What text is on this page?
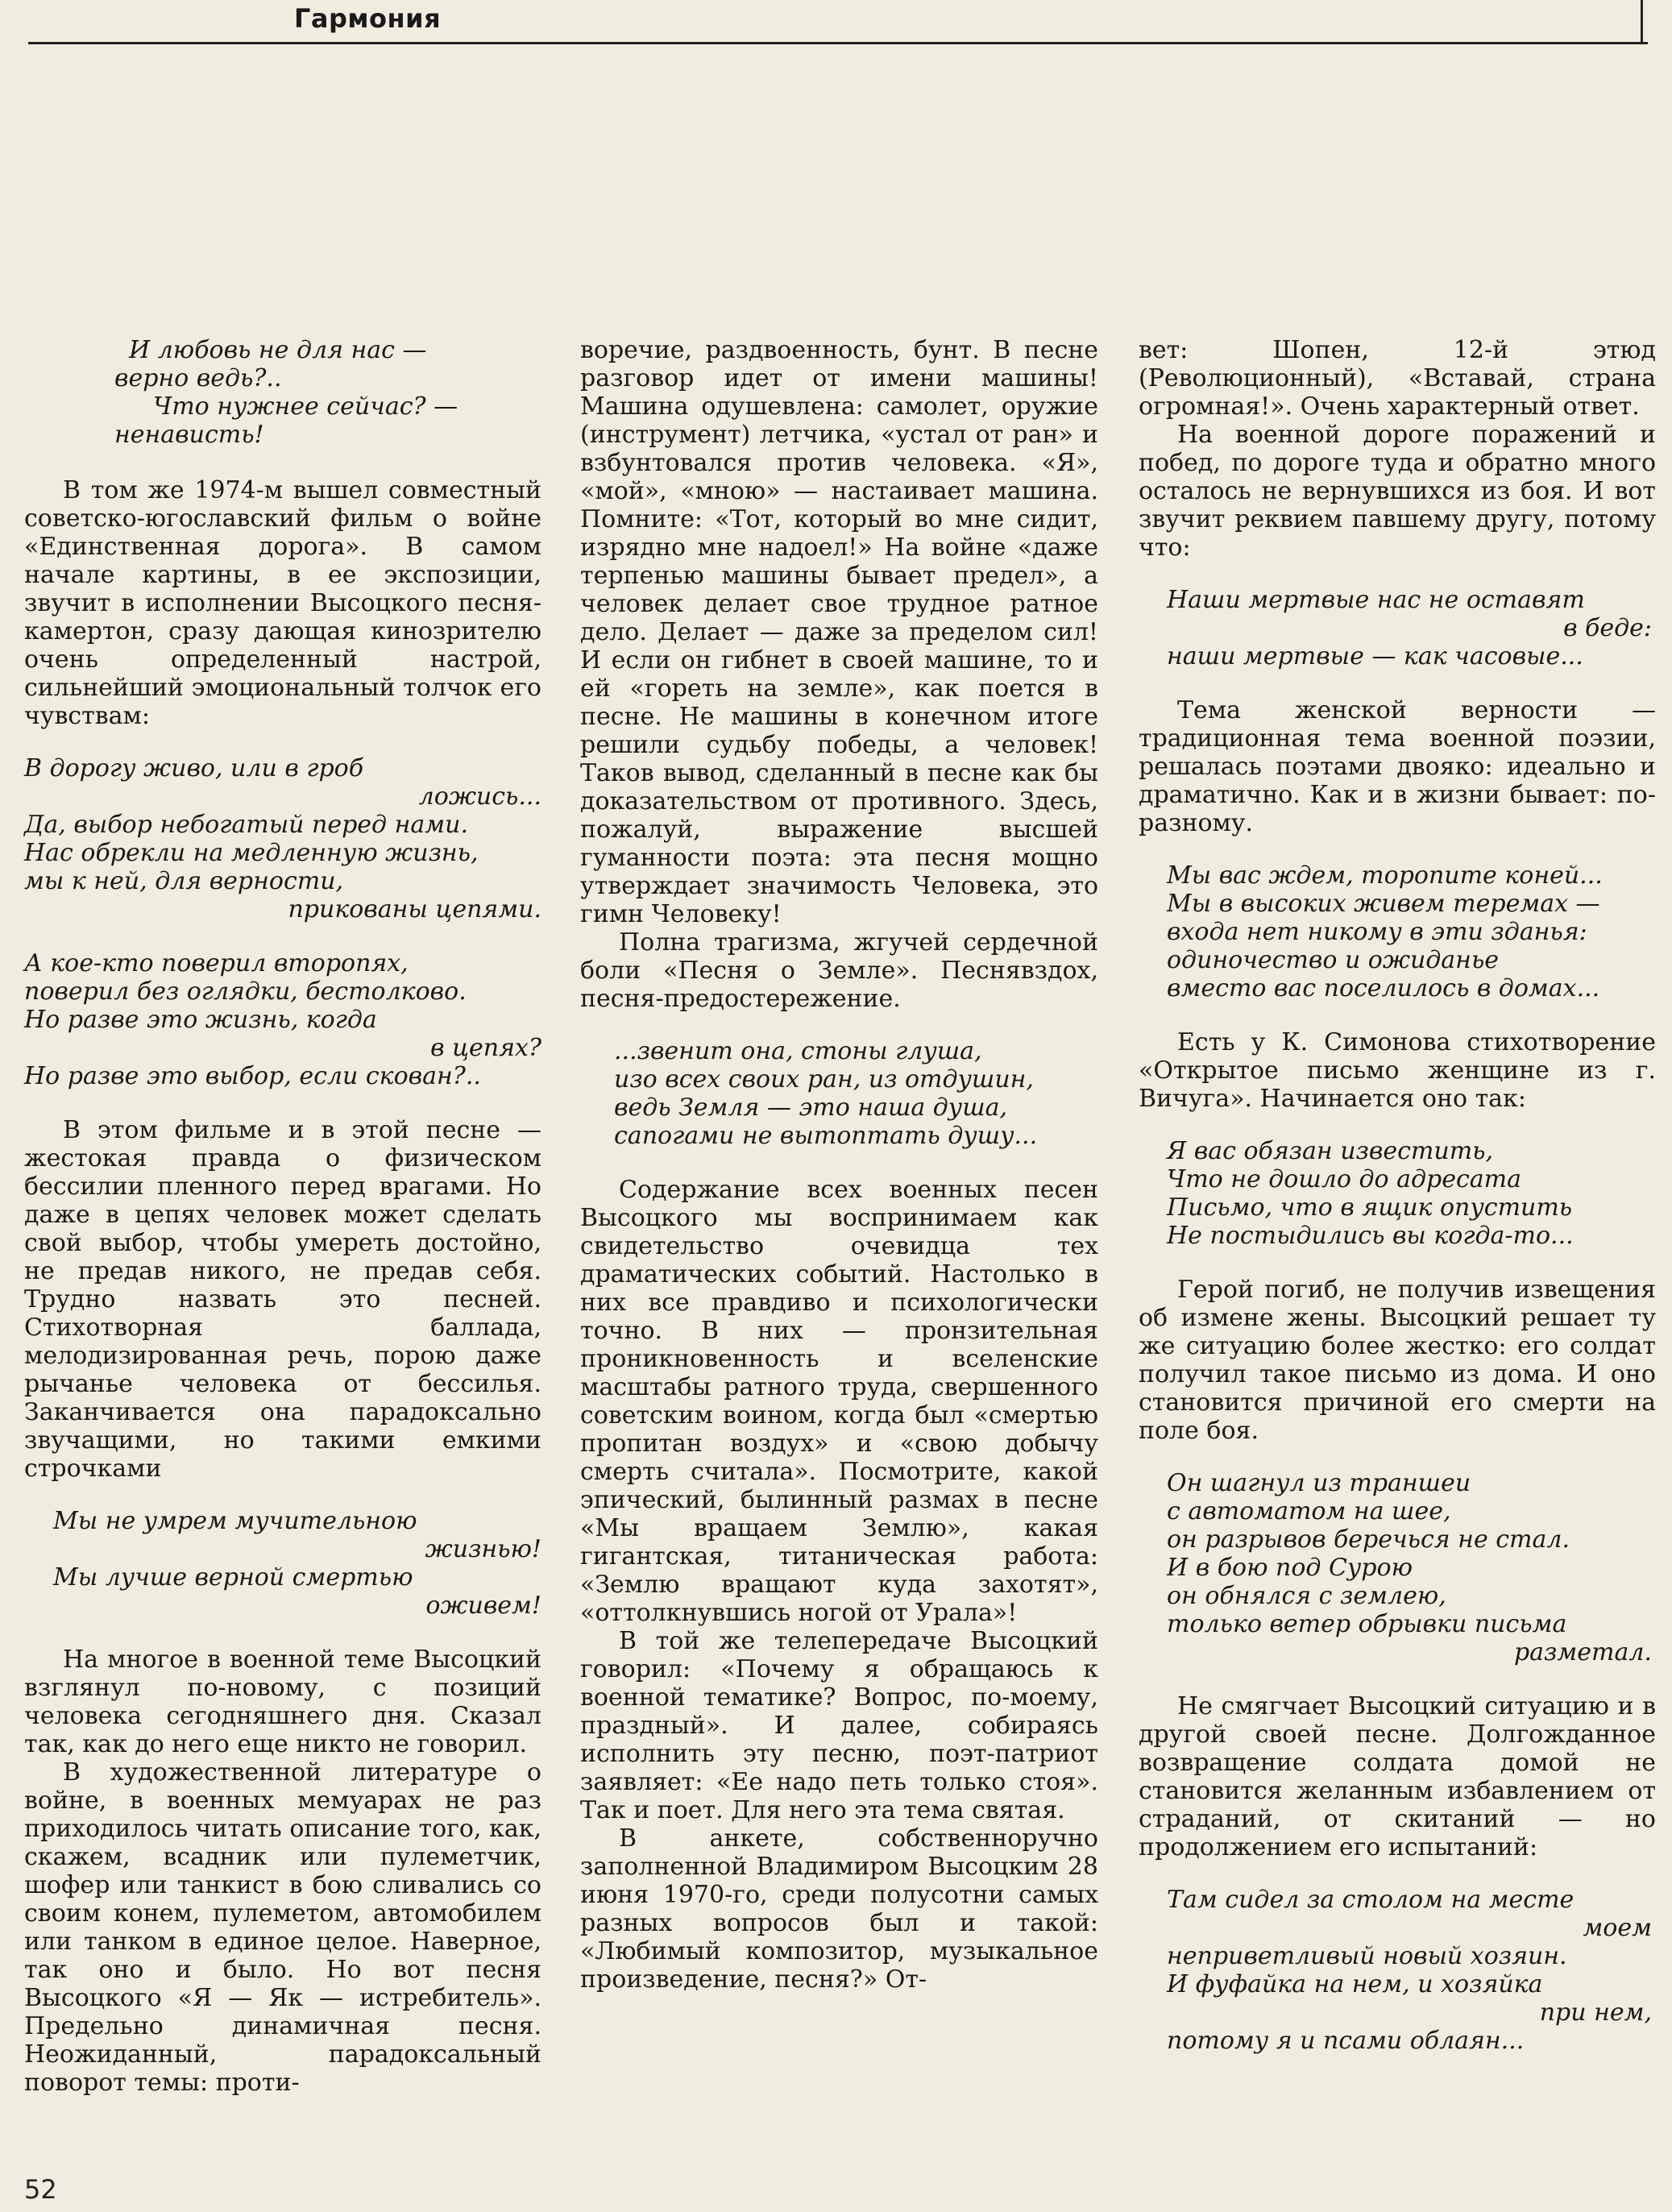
Гармония
И любовь не для нас —
верно ведь?..
Что нужнее сейчас? —
ненависть!

В том же 1974-м вышел совместный советско-югославский фильм о войне «Единственная дорога». В самом начале картины, в ее экспозиции, звучит в исполнении Высоцкого песня-камертон, сразу дающая кинозрителю очень определенный настрой, сильнейший эмоциональный толчок его чувствам:

В дорогу живо, или в гроб
ложись...
Да, выбор небогатый перед нами.
Нас обрекли на медленную жизнь,
мы к ней, для верности,
прикованы цепями.
А кое-кто поверил второпях,
поверил без оглядки, бестолково.
Но разве это жизнь, когда
в цепях?
Но разве это выбор, если скован?..

В этом фильме и в этой песне — жестокая правда о физическом бессилии пленного перед врагами. Но даже в цепях человек может сделать свой выбор, чтобы умереть достойно, не предав никого, не предав себя. Трудно назвать это песней. Стихотворная баллада, мелодизированная речь, порою даже рычанье человека от бессилья. Заканчивается она парадоксально звучащими, но такими емкими строчками

Мы не умрем мучительною
жизнью!
Мы лучше верной смертью
оживем!

На многое в военной теме Высоцкий взглянул по-новому, с позиций человека сегодняшнего дня. Сказал так, как до него еще никто не говорил.

В художественной литературе о войне, в военных мемуарах не раз приходилось читать описание того, как, скажем, всадник или пулеметчик, шофер или танкист в бою сливались со своим конем, пулеметом, автомобилем или танком в единое целое. Наверное, так оно и было. Но вот песня Высоцкого «Я — Як — истребитель». Предельно динамичная песня. Неожиданный, парадоксальный поворот темы: проти-

воречие, раздвоенность, бунт. В песне разговор идет от имени машины! Машина одушевлена: самолет, оружие (инструмент) летчика, «устал от ран» и взбунтовался против человека. «Я», «мой», «мною» — настаивает машина. Помните: «Тот, который во мне сидит, изрядно мне надоел!» На войне «даже терпенью машины бывает предел», а человек делает свое трудное ратное дело. Делает — даже за пределом сил! И если он гибнет в своей машине, то и ей «гореть на земле», как поется в песне. Не машины в конечном итоге решили судьбу победы, а человек! Таков вывод, сделанный в песне как бы доказательством от противного. Здесь, пожалуй, выражение высшей гуманности поэта: эта песня мощно утверждает значимость Человека, это гимн Человеку!

Полна трагизма, жгучей сердечной боли «Песня о Земле». Песнявздох, песня-предостережение.

...звенит она, стоны глуша,
изо всех своих ран, из отдушин,
ведь Земля — это наша душа,
сапогами не вытоптать душу...

Содержание всех военных песен Высоцкого мы воспринимаем как свидетельство очевидца тех драматических событий. Настолько в них все правдиво и психологически точно. В них — пронзительная проникновенность и вселенские масштабы ратного труда, свершенного советским воином, когда был «смертью пропитан воздух» и «свою добычу смерть считала». Посмотрите, какой эпический, былинный размах в песне «Мы вращаем Землю», какая гигантская, титаническая работа: «Землю вращают куда захотят», «оттолкнувшись ногой от Урала»!

В той же телепередаче Высоцкий говорил: «Почему я обращаюсь к военной тематике? Вопрос, по-моему, праздный». И далее, собираясь исполнить эту песню, поэт-патриот заявляет: «Ее надо петь только стоя». Так и поет. Для него эта тема святая.

В анкете, собственноручно заполненной Владимиром Высоцким 28 июня 1970-го, среди полусотни самых разных вопросов был и такой: «Любимый композитор, музыкальное произведение, песня?» От-

вет: Шопен, 12-й этюд (Революционный), «Вставай, страна огромная!». Очень характерный ответ.

На военной дороге поражений и побед, по дороге туда и обратно много осталось не вернувшихся из боя. И вот звучит реквием павшему другу, потому что:

Наши мертвые нас не оставят
в беде:
наши мертвые — как часовые...

Тема женской верности — традиционная тема военной поэзии, решалась поэтами двояко: идеально и драматично. Как и в жизни бывает: по-разному.

Мы вас ждем, торопите коней...
Мы в высоких живем теремах —
входа нет никому в эти зданья:
одиночество и ожиданье
вместо вас поселилось в домах...

Есть у К. Симонова стихотворение «Открытое письмо женщине из г. Вичуга». Начинается оно так:

Я вас обязан известить,
Что не дошло до адресата
Письмо, что в ящик опустить
Не постыдились вы когда-то...

Герой погиб, не получив извещения об измене жены. Высоцкий решает ту же ситуацию более жестко: его солдат получил такое письмо из дома. И оно становится причиной его смерти на поле боя.

Он шагнул из траншеи
с автоматом на шее,
он разрывов беречься не стал.
И в бою под Сурою
он обнялся с землею,
только ветер обрывки письма
разметал.

Не смягчает Высоцкий ситуацию и в другой своей песне. Долгожданное возвращение солдата домой не становится желанным избавлением от страданий, от скитаний — но продолжением его испытаний:

Там сидел за столом на месте
моем
неприветливый новый хозяин.
И фуфайка на нем, и хозяйка
при нем,
потому я и псами облаян...
52
